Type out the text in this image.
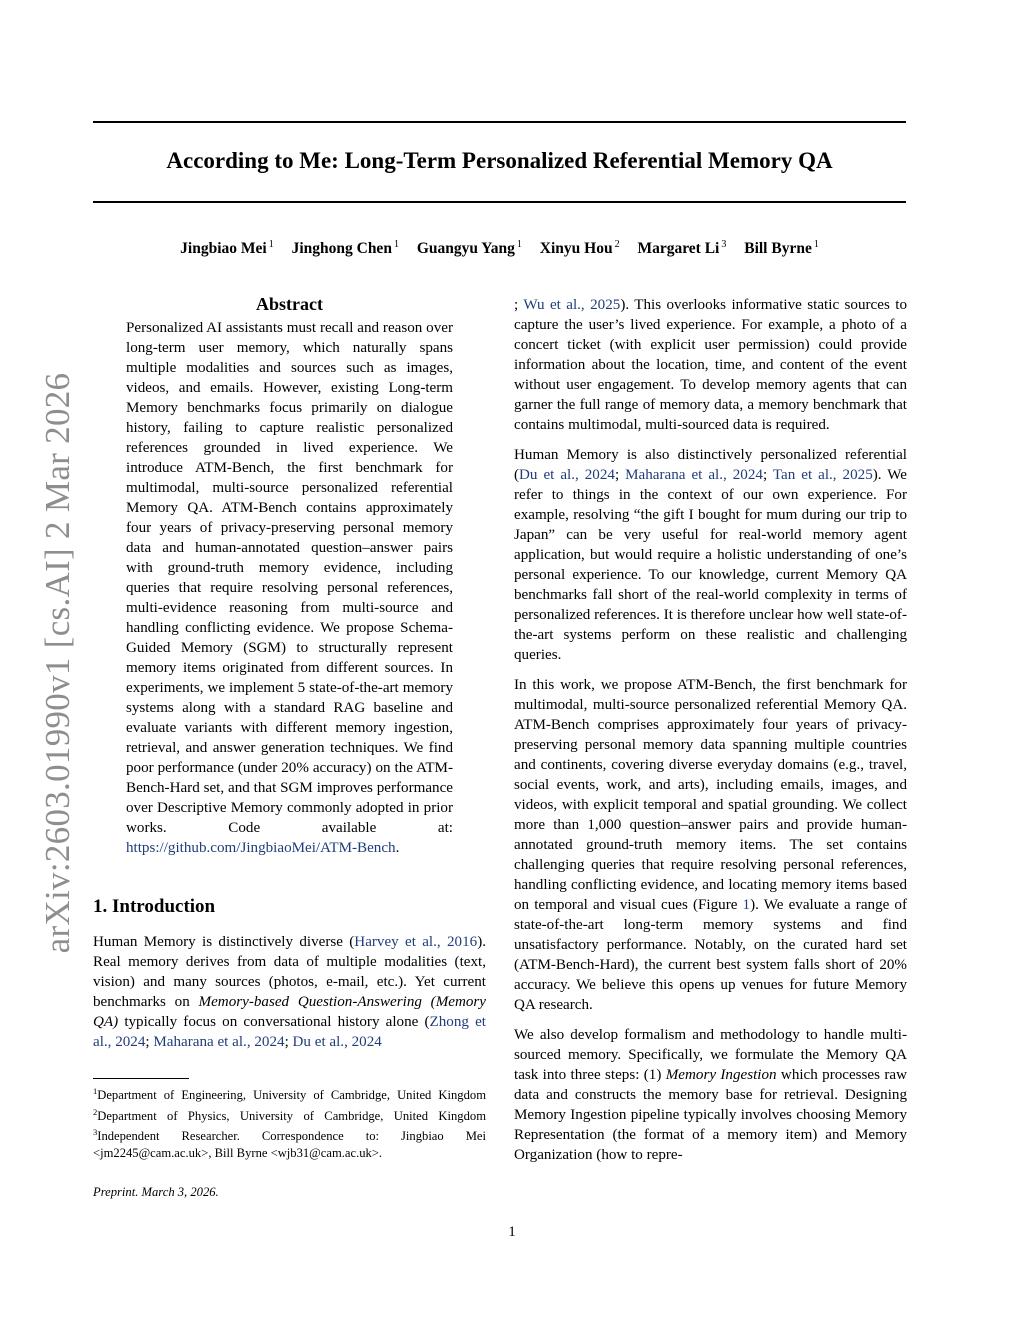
According to Me: Long-Term Personalized Referential Memory QA
Jingbiao Mei $^1$ Jinghong Chen $^1$ Guangyu Yang $^1$ Xinyu Hou $^2$ Margaret Li $^3$ Bill Byrne $^1$
arXiv:2603.01990v1 [cs.AI] 2 Mar 2026
Abstract

Personalized AI assistants must recall and reason over long-term user memory, which naturally spans multiple modalities and sources such as images, videos, and emails. However, existing Long-term Memory benchmarks focus primarily on dialogue history, failing to capture realistic personalized references grounded in lived experience. We introduce ATM-Bench, the first benchmark for multimodal, multi-source personalized referential Memory QA. ATM-Bench contains approximately four years of privacy-preserving personal memory data and human-annotated question–answer pairs with ground-truth memory evidence, including queries that require resolving personal references, multi-evidence reasoning from multi-source and handling conflicting evidence. We propose Schema-Guided Memory (SGM) to structurally represent memory items originated from different sources. In experiments, we implement 5 state-of-the-art memory systems along with a standard RAG baseline and evaluate variants with different memory ingestion, retrieval, and answer generation techniques. We find poor performance (under 20% accuracy) on the ATM-Bench-Hard set, and that SGM improves performance over Descriptive Memory commonly adopted in prior works. Code available at: https://github.com/JingbiaoMei/ATM-Bench.

1. Introduction

Human Memory is distinctively diverse (Harvey et al., 2016). Real memory derives from data of multiple modalities (text, vision) and many sources (photos, e-mail, etc.). Yet current benchmarks on Memory-based Question-Answering (Memory QA) typically focus on conversational history alone (Zhong et al., 2024; Maharana et al., 2024; Du et al., 2024

$^1$Department of Engineering, University of Cambridge, United Kingdom $^2$Department of Physics, University of Cambridge, United Kingdom $^3$Independent Researcher. Correspondence to: Jingbiao Mei <jm2245@cam.ac.uk>, Bill Byrne <wjb31@cam.ac.uk>.
Preprint. March 3, 2026.

; Wu et al., 2025). This overlooks informative static sources to capture the user’s lived experience. For example, a photo of a concert ticket (with explicit user permission) could provide information about the location, time, and content of the event without user engagement. To develop memory agents that can garner the full range of memory data, a memory benchmark that contains multimodal, multi-sourced data is required.

Human Memory is also distinctively personalized referential (Du et al., 2024; Maharana et al., 2024; Tan et al., 2025). We refer to things in the context of our own experience. For example, resolving “the gift I bought for mum during our trip to Japan” can be very useful for real-world memory agent application, but would require a holistic understanding of one’s personal experience. To our knowledge, current Memory QA benchmarks fall short of the real-world complexity in terms of personalized references. It is therefore unclear how well state-of-the-art systems perform on these realistic and challenging queries.

In this work, we propose ATM-Bench, the first benchmark for multimodal, multi-source personalized referential Memory QA. ATM-Bench comprises approximately four years of privacy-preserving personal memory data spanning multiple countries and continents, covering diverse everyday domains (e.g., travel, social events, work, and arts), including emails, images, and videos, with explicit temporal and spatial grounding. We collect more than 1,000 question–answer pairs and provide human-annotated ground-truth memory items. The set contains challenging queries that require resolving personal references, handling conflicting evidence, and locating memory items based on temporal and visual cues (Figure 1). We evaluate a range of state-of-the-art long-term memory systems and find unsatisfactory performance. Notably, on the curated hard set (ATM-Bench-Hard), the current best system falls short of 20% accuracy. We believe this opens up venues for future Memory QA research.

We also develop formalism and methodology to handle multi-sourced memory. Specifically, we formulate the Memory QA task into three steps: (1) Memory Ingestion which processes raw data and constructs the memory base for retrieval. Designing Memory Ingestion pipeline typically involves choosing Memory Representation (the format of a memory item) and Memory Organization (how to repre-

1
